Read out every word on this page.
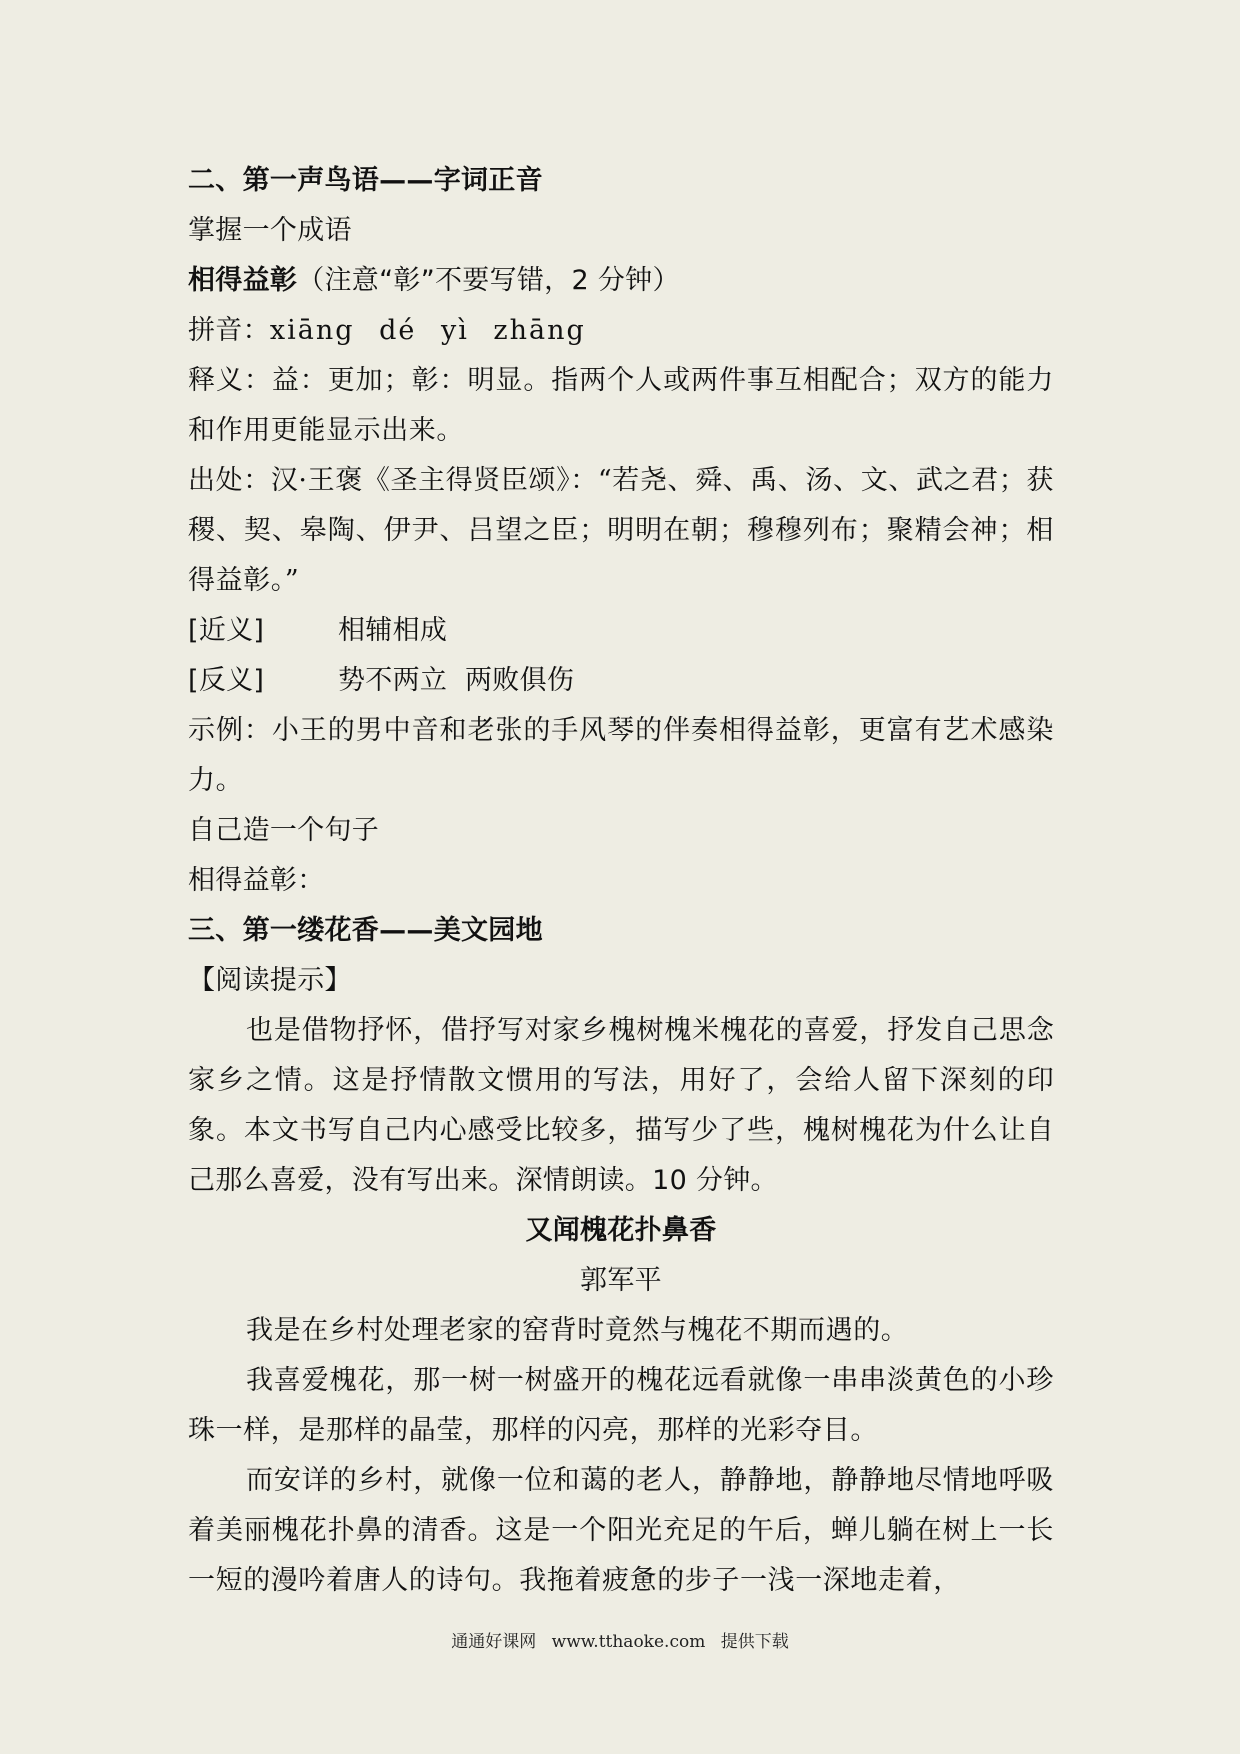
二、第一声鸟语——字词正音
掌握一个成语
相得益彰（注意“彰”不要写错，2 分钟）
拼音：xiāng dé yì zhāng
释义：益：更加；彰：明显。指两个人或两件事互相配合；双方的能力和作用更能显示出来。
出处：汉·王褒《圣主得贤臣颂》：“若尧、舜、禹、汤、文、武之君；获稷、契、皋陶、伊尹、吕望之臣；明明在朝；穆穆列布；聚精会神；相得益彰。”
[近义]	相辅相成
[反义]	势不两立  两败俱伤
示例：小王的男中音和老张的手风琴的伴奏相得益彰，更富有艺术感染力。
自己造一个句子
相得益彰：
三、第一缕花香——美文园地
【阅读提示】
也是借物抒怀，借抒写对家乡槐树槐米槐花的喜爱，抒发自己思念家乡之情。这是抒情散文惯用的写法，用好了，会给人留下深刻的印象。本文书写自己内心感受比较多，描写少了些，槐树槐花为什么让自己那么喜爱，没有写出来。深情朗读。10 分钟。
又闻槐花扑鼻香
郭军平
我是在乡村处理老家的窑背时竟然与槐花不期而遇的。
我喜爱槐花，那一树一树盛开的槐花远看就像一串串淡黄色的小珍珠一样，是那样的晶莹，那样的闪亮，那样的光彩夺目。
而安详的乡村，就像一位和蔼的老人，静静地，静静地尽情地呼吸着美丽槐花扑鼻的清香。这是一个阳光充足的午后，蝉儿躺在树上一长一短的漫吟着唐人的诗句。我拖着疲惫的步子一浅一深地走着，
通通好课网 www.tthaoke.com 提供下载
